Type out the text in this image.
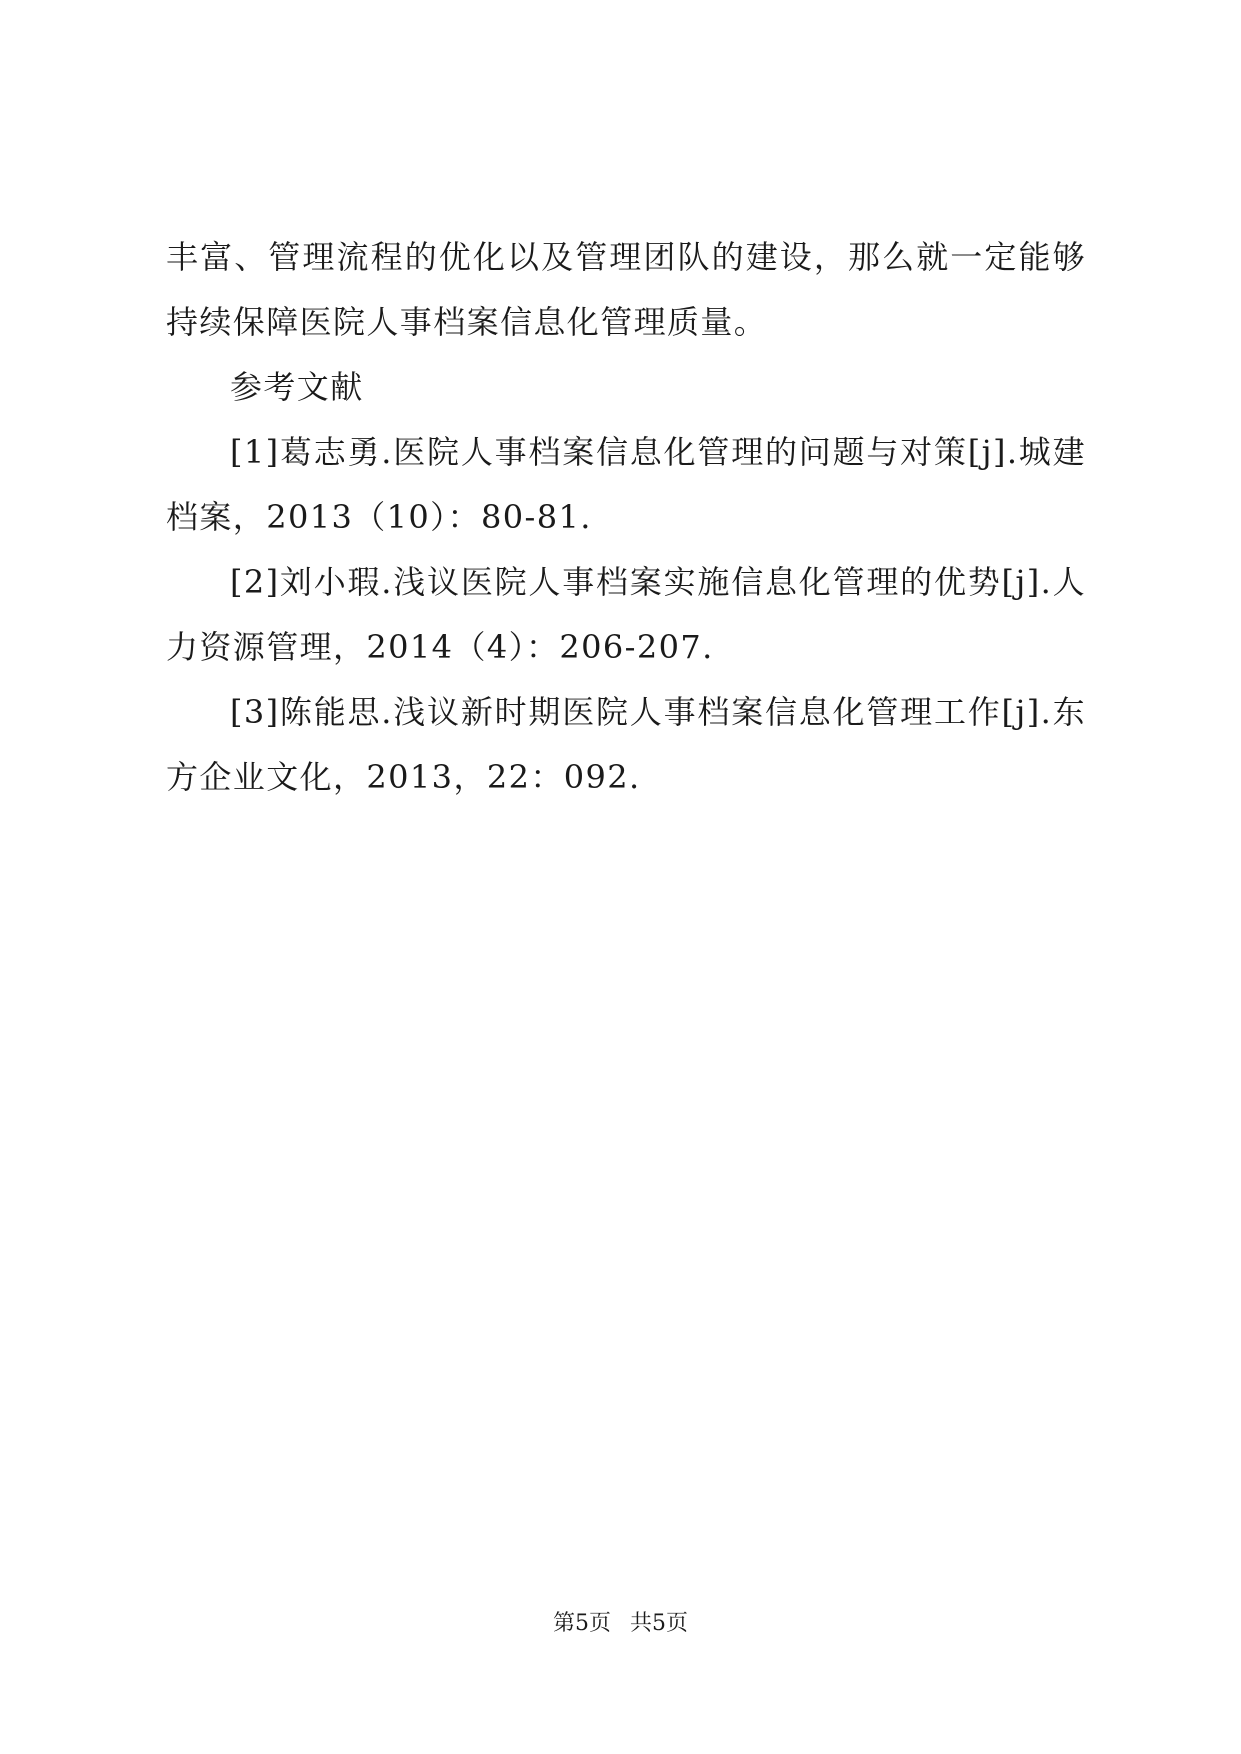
丰富、管理流程的优化以及管理团队的建设，那么就一定能够持续保障医院人事档案信息化管理质量。

参考文献

[1]葛志勇.医院人事档案信息化管理的问题与对策[j].城建档案，2013（10）：80-81.

[2]刘小瑕.浅议医院人事档案实施信息化管理的优势[j].人力资源管理，2014（4）：206-207.

[3]陈能思.浅议新时期医院人事档案信息化管理工作[j].东方企业文化，2013，22：092.

第5页 共5页
